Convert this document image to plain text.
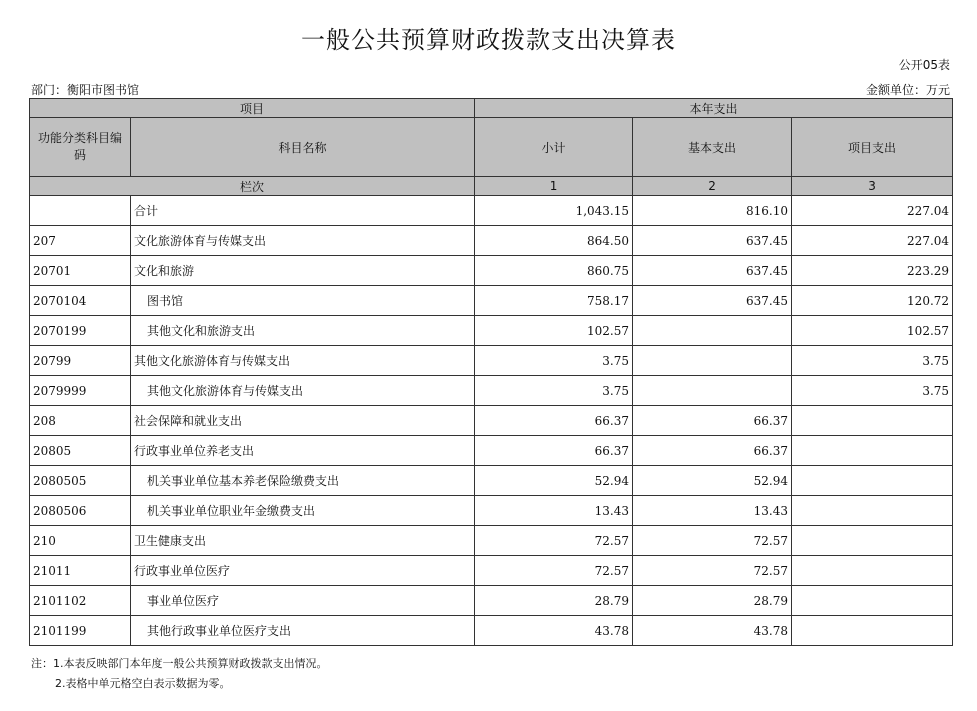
一般公共预算财政拨款支出决算表
公开05表
部门：衡阳市图书馆	金额单位：万元
项目		本年支出		
功能分类科目编码	科目名称	小计	基本支出	项目支出
栏次		1	2	3
	合计	1,043.15	816.10	227.04
207	文化旅游体育与传媒支出	864.50	637.45	227.04
20701	文化和旅游	860.75	637.45	223.29
2070104	图书馆	758.17	637.45	120.72
2070199	其他文化和旅游支出	102.57		102.57
20799	其他文化旅游体育与传媒支出	3.75		3.75
2079999	其他文化旅游体育与传媒支出	3.75		3.75
208	社会保障和就业支出	66.37	66.37	
20805	行政事业单位养老支出	66.37	66.37	
2080505	机关事业单位基本养老保险缴费支出	52.94	52.94	
2080506	机关事业单位职业年金缴费支出	13.43	13.43	
210	卫生健康支出	72.57	72.57	
21011	行政事业单位医疗	72.57	72.57	
2101102	事业单位医疗	28.79	28.79	
2101199	其他行政事业单位医疗支出	43.78	43.78	
注：1.本表反映部门本年度一般公共预算财政拨款支出情况。
2.表格中单元格空白表示数据为零。
